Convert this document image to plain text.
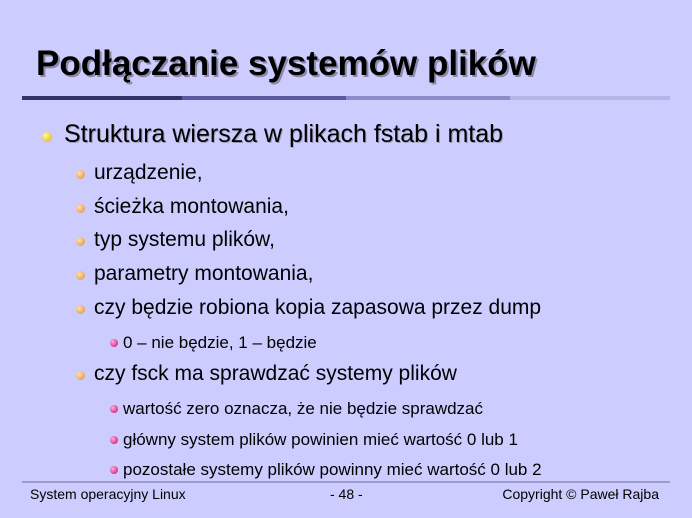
Podłączanie systemów plików
Struktura wiersza w plikach fstab i mtab
urządzenie,
ścieżka montowania,
typ systemu plików,
parametry montowania,
czy będzie robiona kopia zapasowa przez dump
0 – nie będzie, 1 – będzie
czy fsck ma sprawdzać systemy plików
wartość zero oznacza, że nie będzie sprawdzać
główny system plików powinien mieć wartość 0 lub 1
pozostałe systemy plików powinny mieć wartość 0 lub 2
System operacyjny Linux	- 48 -	Copyright © Paweł Rajba
